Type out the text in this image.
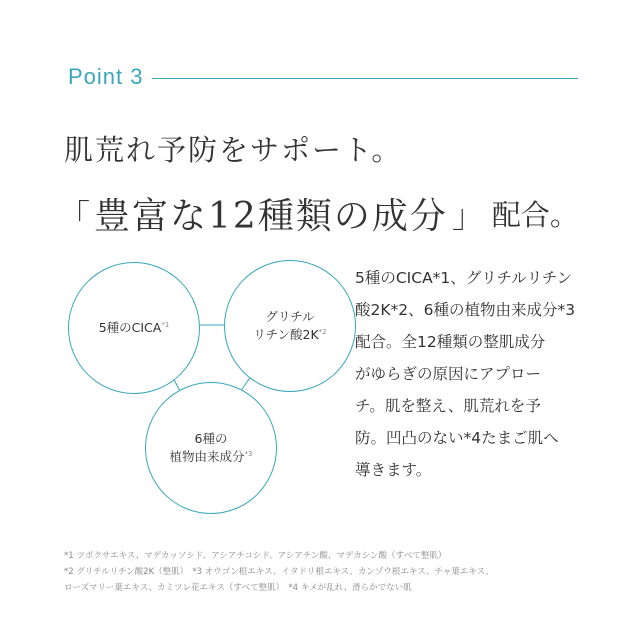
Point 3
肌荒れ予防をサポート。
「 豊富な12種類の成分 」 配合。
5種のCICA$^{*1}$
グリチル
リチン酸$2K^{*2}$
6種の
植物由来成分$^{*3}$
5種のCICA*1、グリチルリチン
酸2K*2、6種の植物由来成分*3
配合。全12種類の整肌成分
がゆらぎの原因にアプロー
チ。肌を整え、肌荒れを予
防。凹凸のない*4たまご肌へ
導きます。
*1 ツボクサエキス、マデカッソシド、アシアチコシド、アシアチン酸、マデカシン酸（すべて整肌）
*2 グリチルリチン酸2K（整肌）　*3 オウゴン根エキス、イタドリ根エキス、カンゾウ根エキス、チャ葉エキス、
ローズマリー葉エキス、カミツレ花エキス（すべて整肌）　*4 キメが乱れ、滑らかでない肌
